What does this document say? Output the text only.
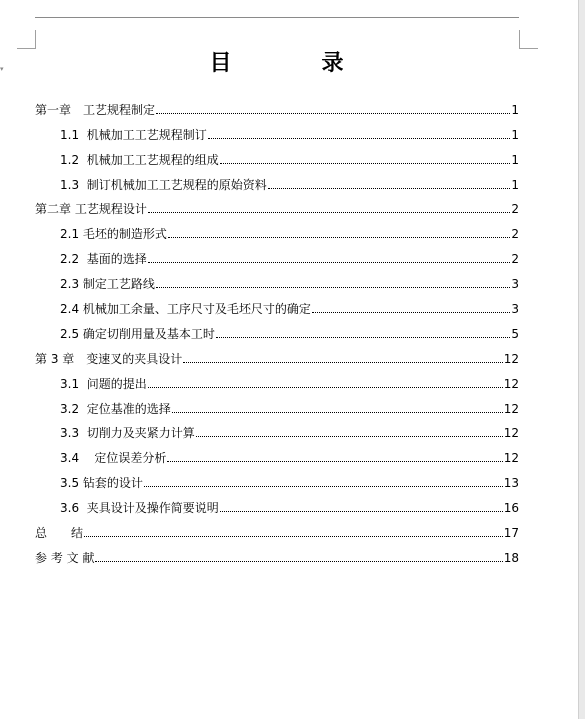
▾	目　录
第一章　工艺规程制定	1
1.1  机械加工工艺规程制订	1
1.2  机械加工工艺规程的组成	1
1.3  制订机械加工工艺规程的原始资料	1
第二章 工艺规程设计	2
2.1 毛坯的制造形式	2
2.2  基面的选择	2
2.3 制定工艺路线	3
2.4 机械加工余量、工序尺寸及毛坯尺寸的确定	3
2.5 确定切削用量及基本工时	5
第 3 章　变速叉的夹具设计	12
3.1  问题的提出	12
3.2  定位基准的选择	12
3.3  切削力及夹紧力计算	12
3.4    定位误差分析	12
3.5 钻套的设计	13
3.6  夹具设计及操作简要说明	16
总　　结	17
参 考 文 献	18
